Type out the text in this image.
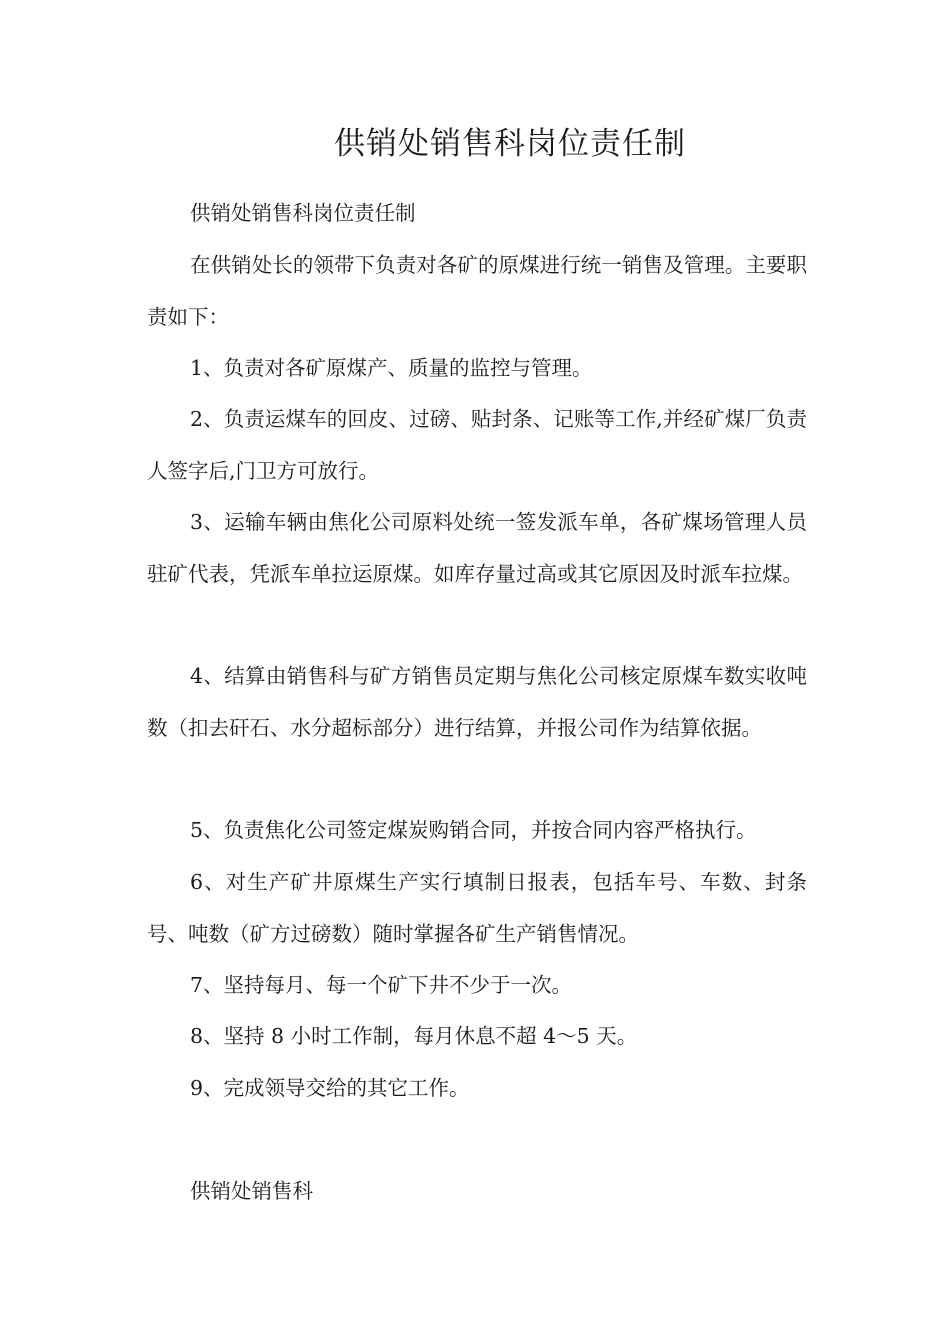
供销处销售科岗位责任制

供销处销售科岗位责任制

在供销处长的领带下负责对各矿的原煤进行统一销售及管理。主要职责如下：

1、负责对各矿原煤产、质量的监控与管理。

2、负责运煤车的回皮、过磅、贴封条、记账等工作,并经矿煤厂负责人签字后,门卫方可放行。

3、运输车辆由焦化公司原料处统一签发派车单，各矿煤场管理人员驻矿代表，凭派车单拉运原煤。如库存量过高或其它原因及时派车拉煤。

4、结算由销售科与矿方销售员定期与焦化公司核定原煤车数实收吨数（扣去矸石、水分超标部分）进行结算，并报公司作为结算依据。

5、负责焦化公司签定煤炭购销合同，并按合同内容严格执行。

6、对生产矿井原煤生产实行填制日报表，包括车号、车数、封条号、吨数（矿方过磅数）随时掌握各矿生产销售情况。

7、坚持每月、每一个矿下井不少于一次。

8、坚持 8 小时工作制，每月休息不超 4～5 天。

9、完成领导交给的其它工作。

供销处销售科
